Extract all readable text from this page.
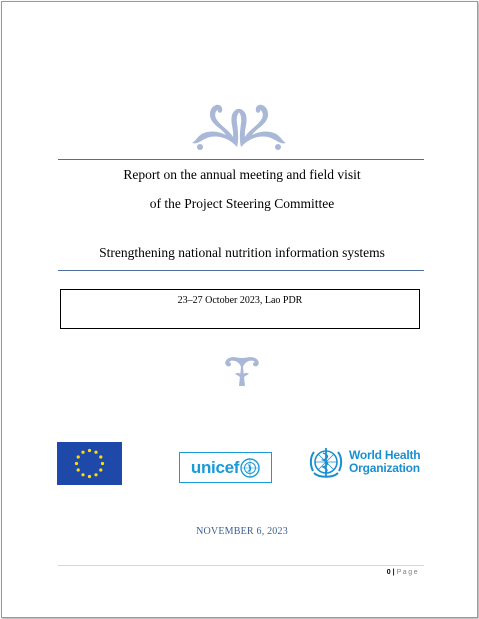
Report on the annual meeting and field visit
of the Project Steering Committee
Strengthening national nutrition information systems
23–27 October 2023, Lao PDR
unicef
World Health
Organization
NOVEMBER 6, 2023
0 | Page
